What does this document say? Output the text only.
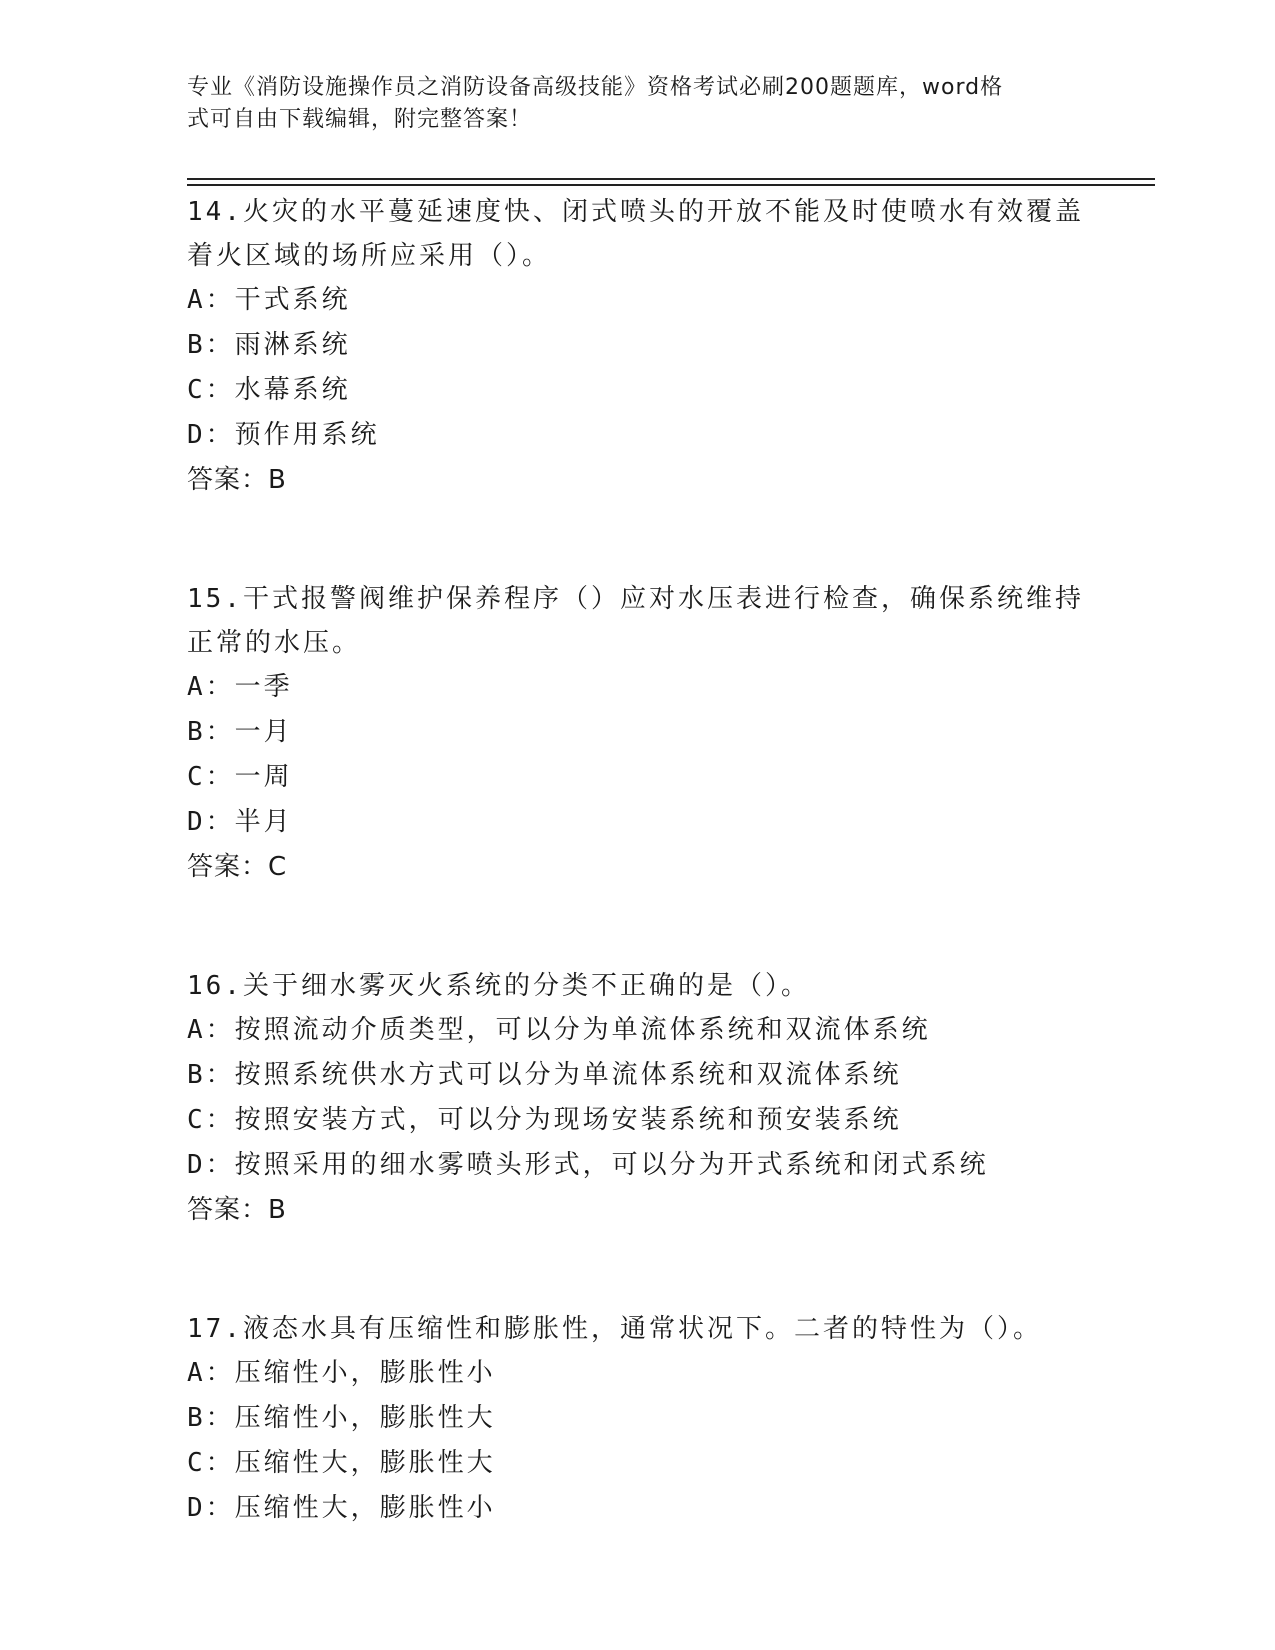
专业《消防设施操作员之消防设备高级技能》资格考试必刷200题题库，word格
式可自由下载编辑，附完整答案！

14.火灾的水平蔓延速度快、闭式喷头的开放不能及时使喷水有效覆盖

着火区域的场所应采用（）。

A：干式系统

B：雨淋系统

C：水幕系统

D：预作用系统

答案：B

15.干式报警阀维护保养程序（）应对水压表进行检查，确保系统维持

正常的水压。

A：一季

B：一月

C：一周

D：半月

答案：C

16.关于细水雾灭火系统的分类不正确的是（）。

A：按照流动介质类型，可以分为单流体系统和双流体系统

B：按照系统供水方式可以分为单流体系统和双流体系统

C：按照安装方式，可以分为现场安装系统和预安装系统

D：按照采用的细水雾喷头形式，可以分为开式系统和闭式系统

答案：B

17.液态水具有压缩性和膨胀性，通常状况下。二者的特性为（）。

A：压缩性小，膨胀性小

B：压缩性小，膨胀性大

C：压缩性大，膨胀性大

D：压缩性大，膨胀性小
